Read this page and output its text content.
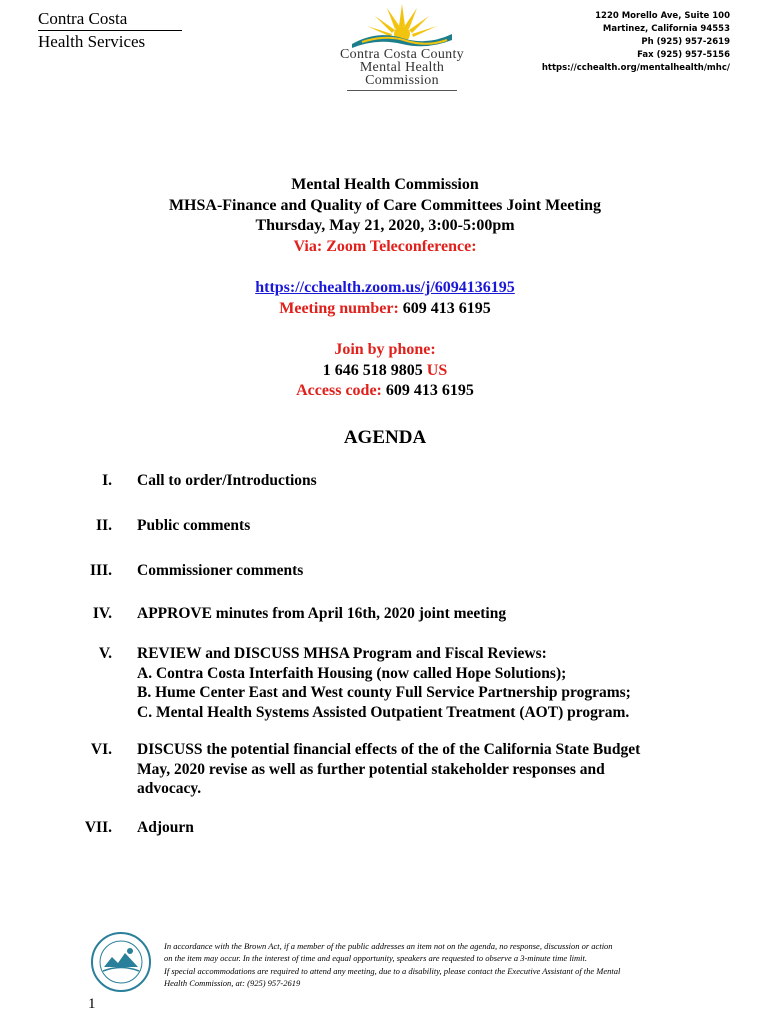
Contra Costa
Health Services
Contra Costa County
Mental Health
Commission
1220 Morello Ave, Suite 100
Martinez, California 94553
Ph (925) 957-2619
Fax (925) 957-5156
https://cchealth.org/mentalhealth/mhc/
Mental Health Commission
MHSA-Finance and Quality of Care Committees Joint Meeting
Thursday, May 21, 2020, 3:00-5:00pm
Via: Zoom Teleconference:
https://cchealth.zoom.us/j/6094136195
Meeting number: 609 413 6195
Join by phone:
1 646 518 9805 US
Access code: 609 413 6195
AGENDA
I. Call to order/Introductions
II. Public comments
III. Commissioner comments
IV. APPROVE minutes from April 16th, 2020 joint meeting
V. REVIEW and DISCUSS MHSA Program and Fiscal Reviews:
A. Contra Costa Interfaith Housing (now called Hope Solutions);
B. Hume Center East and West county Full Service Partnership programs;
C. Mental Health Systems Assisted Outpatient Treatment (AOT) program.
VI. DISCUSS the potential financial effects of the of the California State Budget
May, 2020 revise as well as further potential stakeholder responses and
advocacy.
VII. Adjourn
In accordance with the Brown Act, if a member of the public addresses an item not on the agenda, no response, discussion or action
on the item may occur. In the interest of time and equal opportunity, speakers are requested to observe a 3-minute time limit.
If special accommodations are required to attend any meeting, due to a disability, please contact the Executive Assistant of the Mental
Health Commission, at: (925) 957-2619
1
